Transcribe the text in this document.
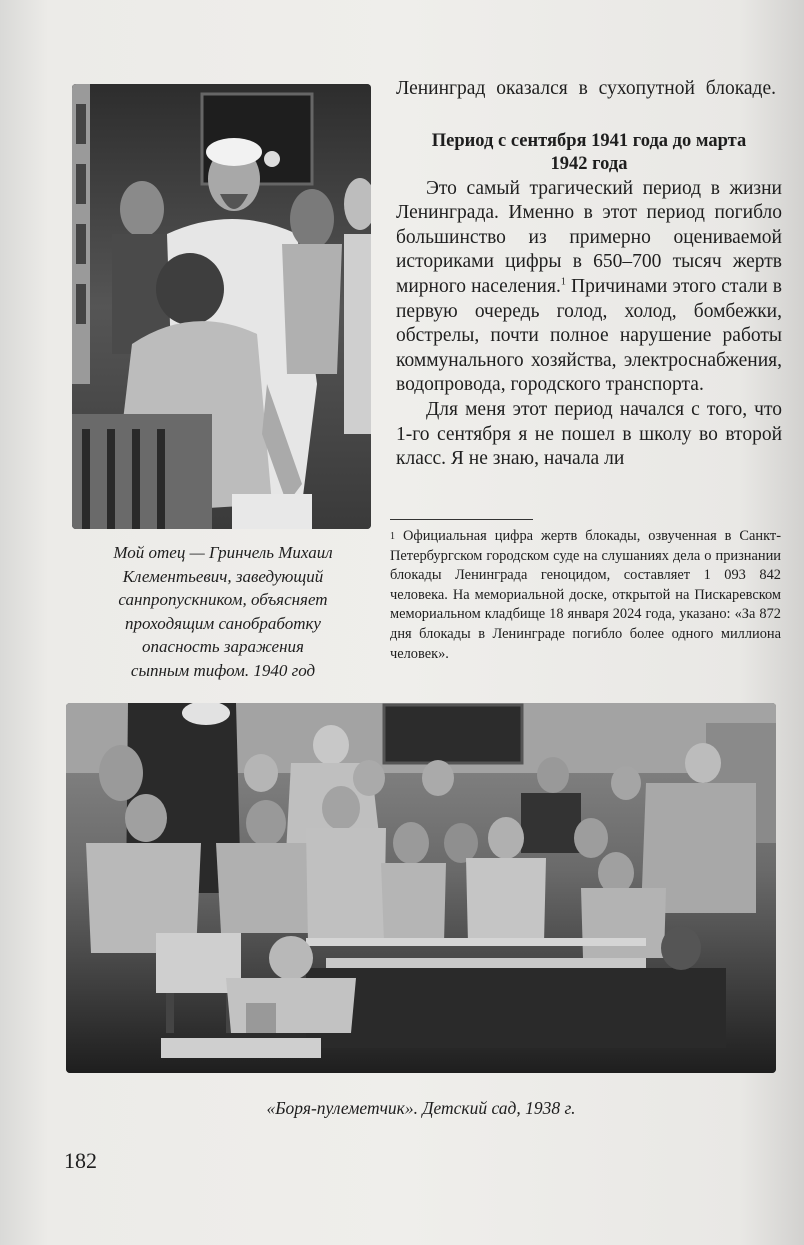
Мой отец — Гринчель Михаил
Клементьевич, заведующий
санпропускником, объясняет
проходящим санобработку
опасность заражения
сыпным тифом. 1940 год

Ленинград оказался в сухопутной блокаде.

Период с сентября 1941 года до марта 1942 года

Это самый трагический период в жизни Ленинграда. Именно в этот период погибло большинство из примерно оцениваемой историками цифры в 650–700 тысяч жертв мирного населения.$^1$ Причинами этого стали в первую очередь голод, холод, бомбежки, обстрелы, почти полное нарушение работы коммунального хозяйства, электроснабжения, водопровода, городского транспорта.

Для меня этот период начался с того, что 1-го сентября я не пошел в школу во второй класс. Я не знаю, начала ли

$^1$ Официальная цифра жертв блокады, озвученная в Санкт-Петербургском городском суде на слушаниях дела о признании блокады Ленинграда геноцидом, составляет 1 093 842 человека. На мемориальной доске, открытой на Пискаревском мемориальном кладбище 18 января 2024 года, указано: «За 872 дня блокады в Ленинграде погибло более одного миллиона человек».
«Боря-пулеметчик». Детский сад, 1938 г.
182
